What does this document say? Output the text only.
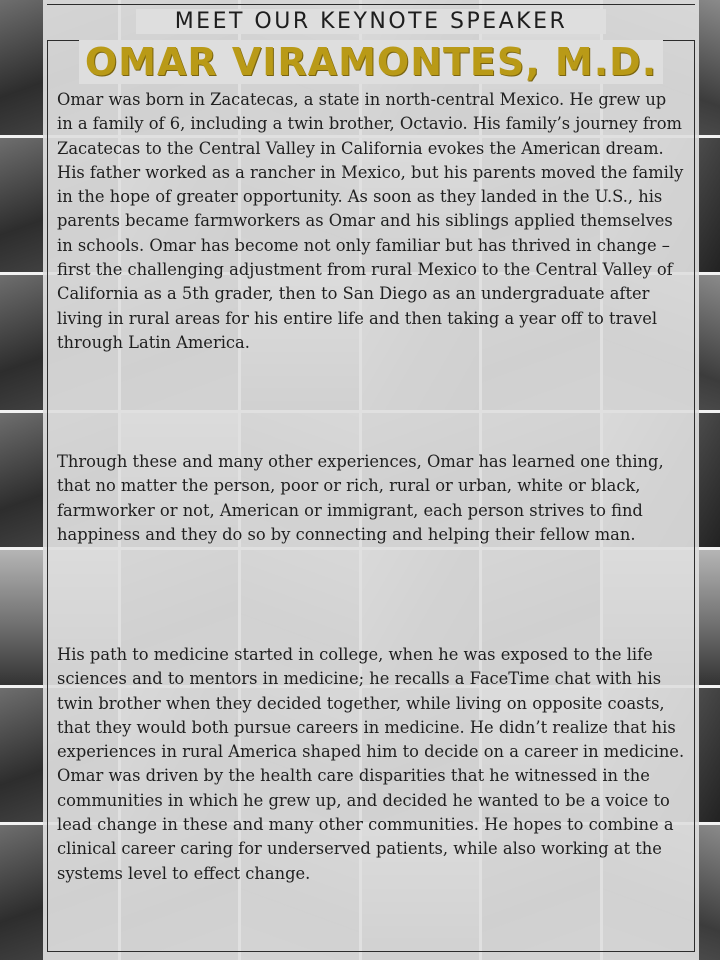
MEET OUR KEYNOTE SPEAKER
OMAR VIRAMONTES, M.D.

Omar was born in Zacatecas, a state in north-central Mexico. He grew up in a family of 6, including a twin brother, Octavio. His family’s journey from Zacatecas to the Central Valley in California evokes the American dream. His father worked as a rancher in Mexico, but his parents moved the family in the hope of greater opportunity. As soon as they landed in the U.S., his parents became farmworkers as Omar and his siblings applied themselves in schools. Omar has become not only familiar but has thrived in change – first the challenging adjustment from rural Mexico to the Central Valley of California as a 5th grader, then to San Diego as an undergraduate after living in rural areas for his entire life and then taking a year off to travel through Latin America.

Through these and many other experiences, Omar has learned one thing, that no matter the person, poor or rich, rural or urban, white or black, farmworker or not, American or immigrant, each person strives to find happiness and they do so by connecting and helping their fellow man.

His path to medicine started in college, when he was exposed to the life sciences and to mentors in medicine; he recalls a FaceTime chat with his twin brother when they decided together, while living on opposite coasts, that they would both pursue careers in medicine. He didn’t realize that his experiences in rural America shaped him to decide on a career in medicine. Omar was driven by the health care disparities that he witnessed in the communities in which he grew up, and decided he wanted to be a voice to lead change in these and many other communities. He hopes to combine a clinical career caring for underserved patients, while also working at the systems level to effect change.
